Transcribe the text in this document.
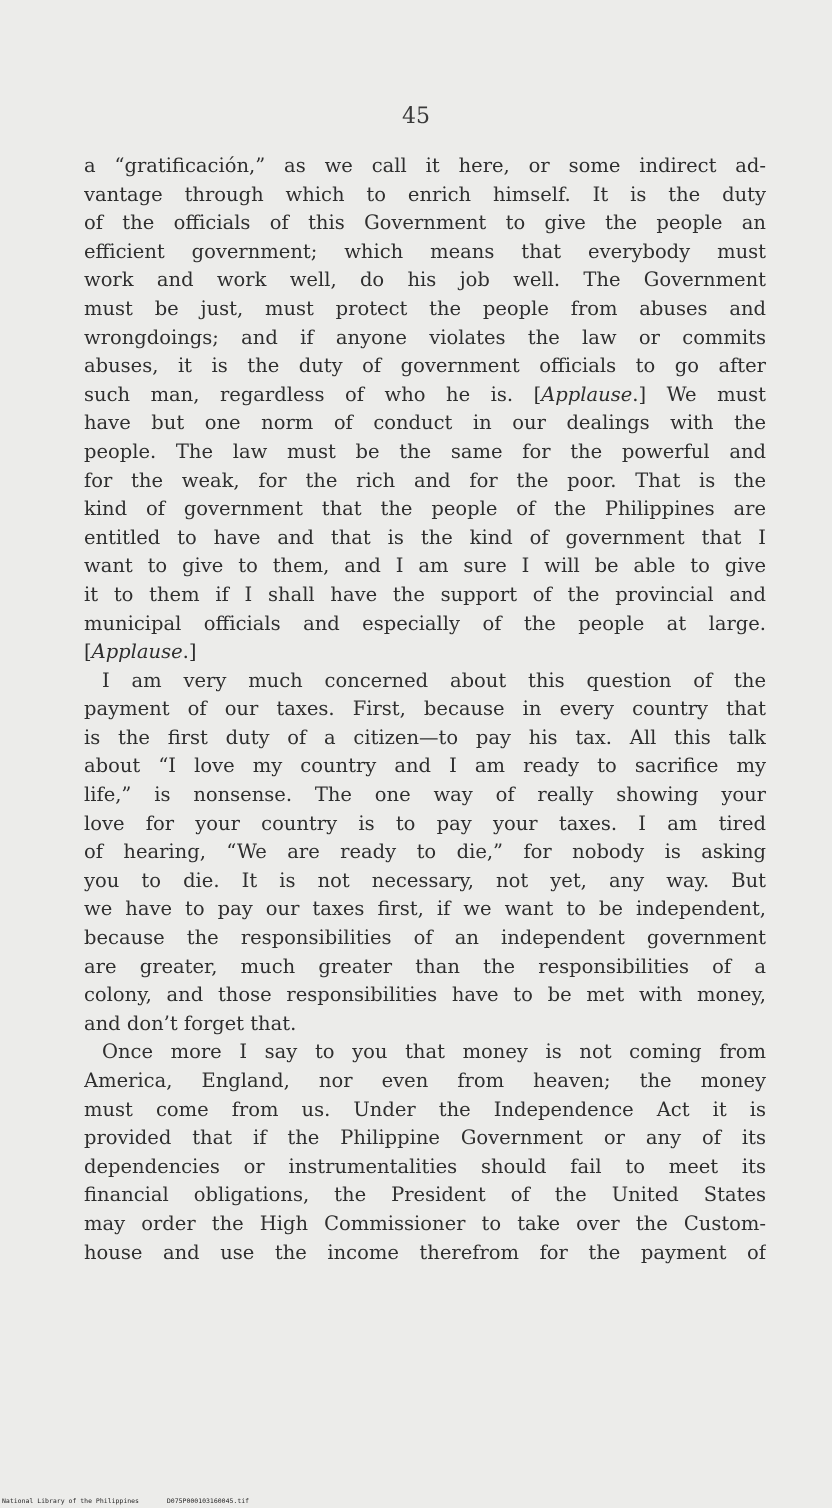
45
a “gratificación,” as we call it here, or some indirect ad-
vantage through which to enrich himself. It is the duty
of the officials of this Government to give the people an
efficient government; which means that everybody must
work and work well, do his job well. The Government
must be just, must protect the people from abuses and
wrongdoings; and if anyone violates the law or commits
abuses, it is the duty of government officials to go after
such man, regardless of who he is. [Applause.] We must
have but one norm of conduct in our dealings with the
people. The law must be the same for the powerful and
for the weak, for the rich and for the poor. That is the
kind of government that the people of the Philippines are
entitled to have and that is the kind of government that I
want to give to them, and I am sure I will be able to give
it to them if I shall have the support of the provincial and
municipal officials and especially of the people at large.
[Applause.]
I am very much concerned about this question of the
payment of our taxes. First, because in every country that
is the first duty of a citizen—to pay his tax. All this talk
about “I love my country and I am ready to sacrifice my
life,” is nonsense. The one way of really showing your
love for your country is to pay your taxes. I am tired
of hearing, “We are ready to die,” for nobody is asking
you to die. It is not necessary, not yet, any way. But
we have to pay our taxes first, if we want to be independent,
because the responsibilities of an independent government
are greater, much greater than the responsibilities of a
colony, and those responsibilities have to be met with money,
and don’t forget that.
Once more I say to you that money is not coming from
America, England, nor even from heaven; the money
must come from us. Under the Independence Act it is
provided that if the Philippine Government or any of its
dependencies or instrumentalities should fail to meet its
financial obligations, the President of the United States
may order the High Commissioner to take over the Custom-
house and use the income therefrom for the payment of
National Library of the Philippines	D075P000103160045.tif
